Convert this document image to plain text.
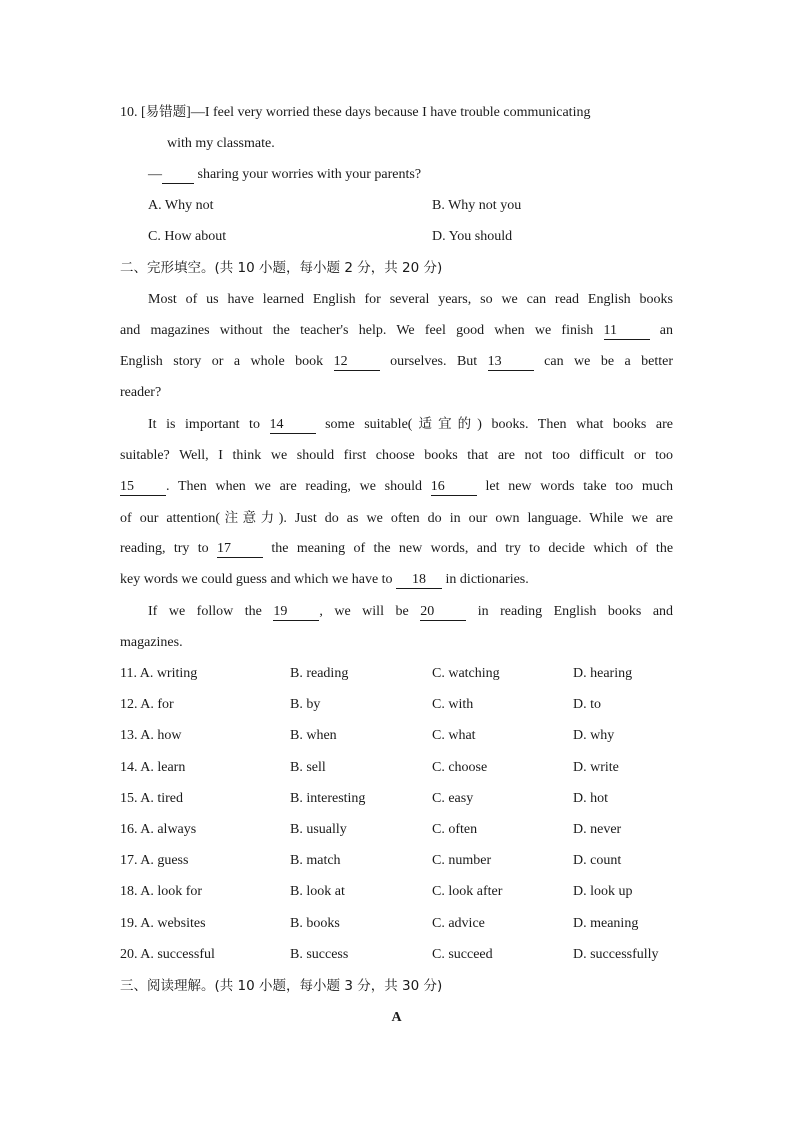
10. [易错题]—I feel very worried these days because I have trouble communicating
with my classmate.
—  sharing your worries with your parents?
A. Why not	B. Why not you
C. How about	D. You should
二、完形填空。(共 10 小题，每小题 2 分，共 20 分)
Most of us have learned English for several years, so we can read English books
and magazines without the teacher's help. We feel good when we finish 11	an
English story or a whole book 12	ourselves. But 13	can we be a better
reader?
It is important to 14	some suitable(适宜的) books. Then what books are
suitable? Well, I think we should first choose books that are not too difficult or too
15 . Then when we are reading, we should 16	let new words take too much
of our attention(注意力). Just do as we often do in our own language. While we are
reading, try to 17	the meaning of the new words, and try to decide which of the
key words we could guess and which we have to 18 in dictionaries.
If we follow the 19 , we will be 20	in reading English books and
magazines.
11. A. writing	B. reading	C. watching	D. hearing
12. A. for	B. by	C. with	D. to
13. A. how	B. when	C. what	D. why
14. A. learn	B. sell	C. choose	D. write
15. A. tired	B. interesting	C. easy	D. hot
16. A. always	B. usually	C. often	D. never
17. A. guess	B. match	C. number	D. count
18. A. look for	B. look at	C. look after	D. look up
19. A. websites	B. books	C. advice	D. meaning
20. A. successful	B. success	C. succeed	D. successfully
三、阅读理解。(共 10 小题，每小题 3 分，共 30 分)
A
